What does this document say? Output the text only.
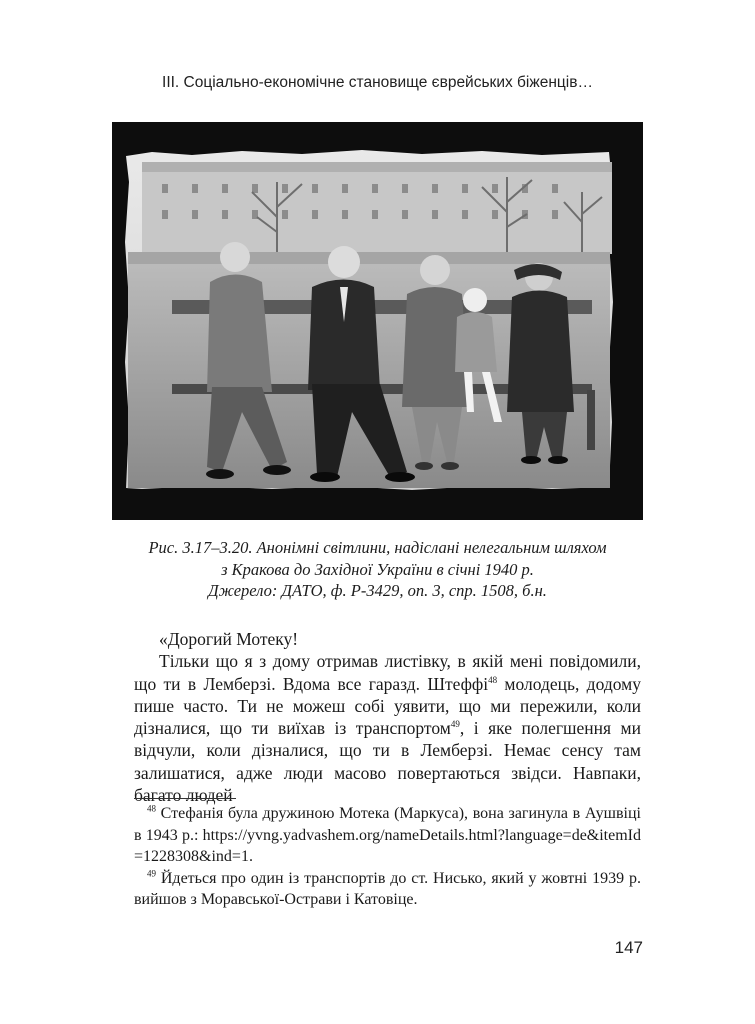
III. Соціально-економічне становище єврейських біженців…
Рис. 3.17–3.20. Анонімні світлини, надіслані нелегальним шляхом
з Кракова до Західної України в січні 1940 р.
Джерело: ДАТО, ф. Р-3429, оп. 3, спр. 1508, б.н.

«Дорогий Мотеку!

Тільки що я з дому отримав листівку, в якій мені повідомили, що ти в Лемберзі. Вдома все гаразд. Штеффі$^{48}$ молодець, додому пише часто. Ти не можеш собі уявити, що ми пережили, коли дізналися, що ти виїхав із транспортом$^{49}$, і яке полегшення ми відчули, коли дізналися, що ти в Лемберзі. Немає сенсу там залишатися, адже люди масово повертаються звідси. Навпаки, багато людей

$^{48}$ Стефанія була дружиною Мотека (Маркуса), вона загинула в Аушвіці в 1943 р.: https://yvng.yadvashem.org/nameDetails.html?language=de&itemId=1228308&ind=1.

$^{49}$ Йдеться про один із транспортів до ст. Нисько, який у жовтні 1939 р. вийшов з Моравської-Острави і Катовіце.

147
